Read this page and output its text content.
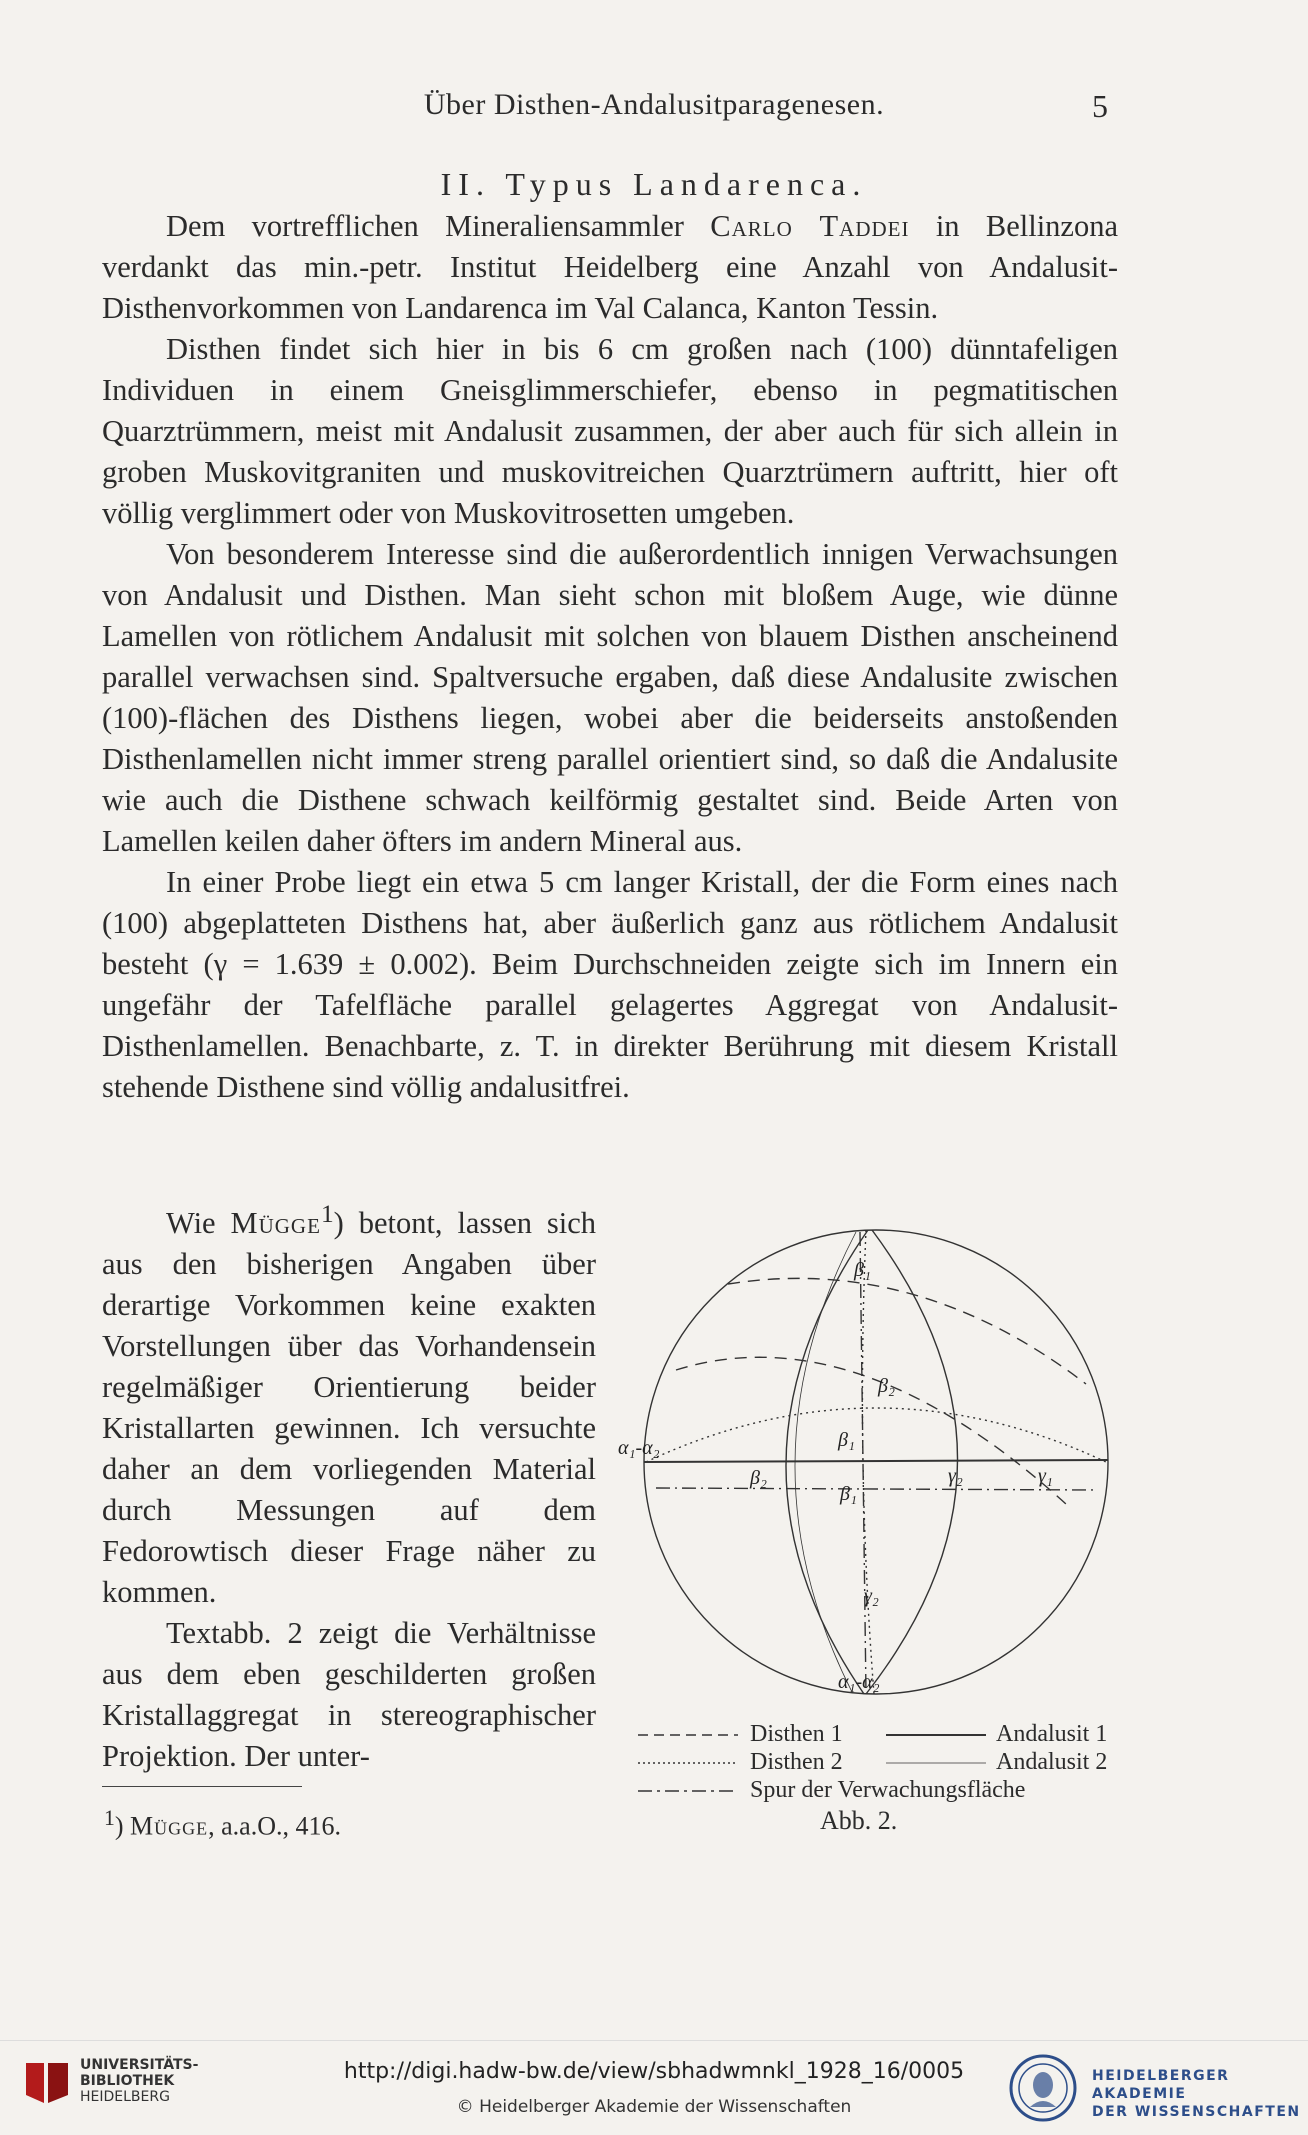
Über Disthen-Andalusitparagenesen.	5
II. Typus Landarenca.

Dem vortrefflichen Mineraliensammler Carlo Taddei in Bellinzona verdankt das min.-petr. Institut Heidelberg eine Anzahl von Andalusit-Disthenvorkommen von Landarenca im Val Calanca, Kanton Tessin.

Disthen findet sich hier in bis 6 cm großen nach (100) dünntafeligen Individuen in einem Gneisglimmerschiefer, ebenso in pegmatitischen Quarztrümmern, meist mit Andalusit zusammen, der aber auch für sich allein in groben Muskovitgraniten und muskovitreichen Quarztrümern auftritt, hier oft völlig verglimmert oder von Muskovitrosetten umgeben.

Von besonderem Interesse sind die außerordentlich innigen Verwachsungen von Andalusit und Disthen. Man sieht schon mit bloßem Auge, wie dünne Lamellen von rötlichem Andalusit mit solchen von blauem Disthen anscheinend parallel verwachsen sind. Spaltversuche ergaben, daß diese Andalusite zwischen (100)-flächen des Disthens liegen, wobei aber die beiderseits anstoßenden Disthenlamellen nicht immer streng parallel orientiert sind, so daß die Andalusite wie auch die Disthene schwach keilförmig gestaltet sind. Beide Arten von Lamellen keilen daher öfters im andern Mineral aus.

In einer Probe liegt ein etwa 5 cm langer Kristall, der die Form eines nach (100) abgeplatteten Disthens hat, aber äußerlich ganz aus rötlichem Andalusit besteht (γ = 1.639 ± 0.002). Beim Durchschneiden zeigte sich im Innern ein ungefähr der Tafelfläche parallel gelagertes Aggregat von Andalusit-Disthenlamellen. Benachbarte, z. T. in direkter Berührung mit diesem Kristall stehende Disthene sind völlig andalusitfrei.

Wie Mügge$^1$) betont, lassen sich aus den bisherigen Angaben über derartige Vorkommen keine exakten Vorstellungen über das Vorhandensein regelmäßiger Orientierung beider Kristallarten gewinnen. Ich versuchte daher an dem vorliegenden Material durch Messungen auf dem Fedorowtisch dieser Frage näher zu kommen.

Textabb. 2 zeigt die Verhältnisse aus dem eben geschilderten großen Kristallaggregat in stereographischer Projektion. Der unter-

$^1$) Mügge, a.a.O., 416.
β₁
β₂
β₁
α₁-α₂
β₂
β₁
γ₂	γ₁
γ₂
α₁-α₂
Disthen 1	Andalusit 1
Disthen 2	Andalusit 2
Spur der Verwachungsfläche
Abb. 2.
UNIVERSITÄTS-
BIBLIOTHEK
HEIDELBERG
http://digi.hadw-bw.de/view/sbhadwmnkl_1928_16/0005
© Heidelberger Akademie der Wissenschaften
HEIDELBERGER AKADEMIE
DER WISSENSCHAFTEN
